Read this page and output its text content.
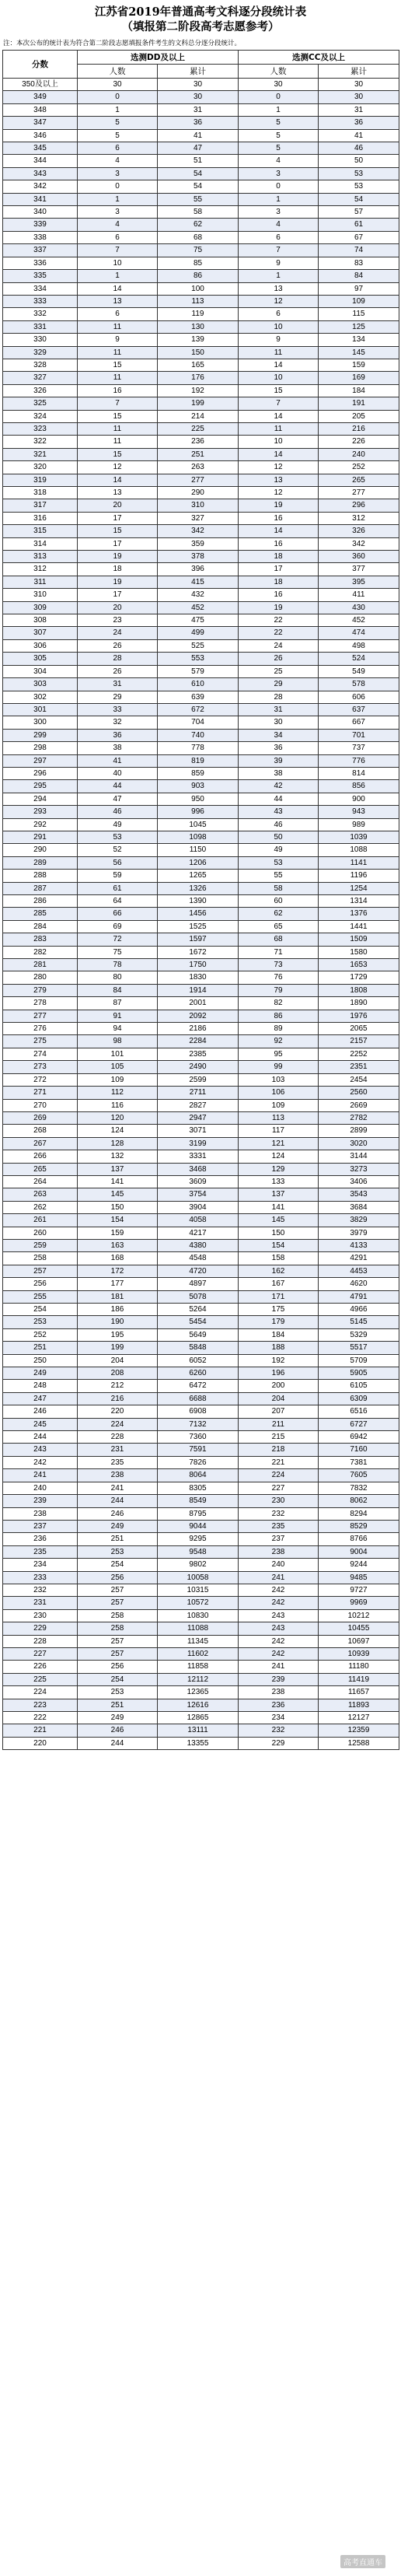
江苏省2019年普通高考文科逐分段统计表
（填报第二阶段高考志愿参考）
注：本次公布的统计表为符合第二阶段志愿填报条件考生的文科总分逐分段统计。
分数	选测DD及以上		选测CC及以上	
	人数	累计	人数	累计
350及以上	30	30	30	30
349	0	30	0	30
348	1	31	1	31
347	5	36	5	36
346	5	41	5	41
345	6	47	5	46
344	4	51	4	50
343	3	54	3	53
342	0	54	0	53
341	1	55	1	54
340	3	58	3	57
339	4	62	4	61
338	6	68	6	67
337	7	75	7	74
336	10	85	9	83
335	1	86	1	84
334	14	100	13	97
333	13	113	12	109
332	6	119	6	115
331	11	130	10	125
330	9	139	9	134
329	11	150	11	145
328	15	165	14	159
327	11	176	10	169
326	16	192	15	184
325	7	199	7	191
324	15	214	14	205
323	11	225	11	216
322	11	236	10	226
321	15	251	14	240
320	12	263	12	252
319	14	277	13	265
318	13	290	12	277
317	20	310	19	296
316	17	327	16	312
315	15	342	14	326
314	17	359	16	342
313	19	378	18	360
312	18	396	17	377
311	19	415	18	395
310	17	432	16	411
309	20	452	19	430
308	23	475	22	452
307	24	499	22	474
306	26	525	24	498
305	28	553	26	524
304	26	579	25	549
303	31	610	29	578
302	29	639	28	606
301	33	672	31	637
300	32	704	30	667
299	36	740	34	701
298	38	778	36	737
297	41	819	39	776
296	40	859	38	814
295	44	903	42	856
294	47	950	44	900
293	46	996	43	943
292	49	1045	46	989
291	53	1098	50	1039
290	52	1150	49	1088
289	56	1206	53	1141
288	59	1265	55	1196
287	61	1326	58	1254
286	64	1390	60	1314
285	66	1456	62	1376
284	69	1525	65	1441
283	72	1597	68	1509
282	75	1672	71	1580
281	78	1750	73	1653
280	80	1830	76	1729
279	84	1914	79	1808
278	87	2001	82	1890
277	91	2092	86	1976
276	94	2186	89	2065
275	98	2284	92	2157
274	101	2385	95	2252
273	105	2490	99	2351
272	109	2599	103	2454
271	112	2711	106	2560
270	116	2827	109	2669
269	120	2947	113	2782
268	124	3071	117	2899
267	128	3199	121	3020
266	132	3331	124	3144
265	137	3468	129	3273
264	141	3609	133	3406
263	145	3754	137	3543
262	150	3904	141	3684
261	154	4058	145	3829
260	159	4217	150	3979
259	163	4380	154	4133
258	168	4548	158	4291
257	172	4720	162	4453
256	177	4897	167	4620
255	181	5078	171	4791
254	186	5264	175	4966
253	190	5454	179	5145
252	195	5649	184	5329
251	199	5848	188	5517
250	204	6052	192	5709
249	208	6260	196	5905
248	212	6472	200	6105
247	216	6688	204	6309
246	220	6908	207	6516
245	224	7132	211	6727
244	228	7360	215	6942
243	231	7591	218	7160
242	235	7826	221	7381
241	238	8064	224	7605
240	241	8305	227	7832
239	244	8549	230	8062
238	246	8795	232	8294
237	249	9044	235	8529
236	251	9295	237	8766
235	253	9548	238	9004
234	254	9802	240	9244
233	256	10058	241	9485
232	257	10315	242	9727
231	257	10572	242	9969
230	258	10830	243	10212
229	258	11088	243	10455
228	257	11345	242	10697
227	257	11602	242	10939
226	256	11858	241	11180
225	254	12112	239	11419
224	253	12365	238	11657
223	251	12616	236	11893
222	249	12865	234	12127
221	246	13111	232	12359
220	244	13355	229	12588
高考直通车
